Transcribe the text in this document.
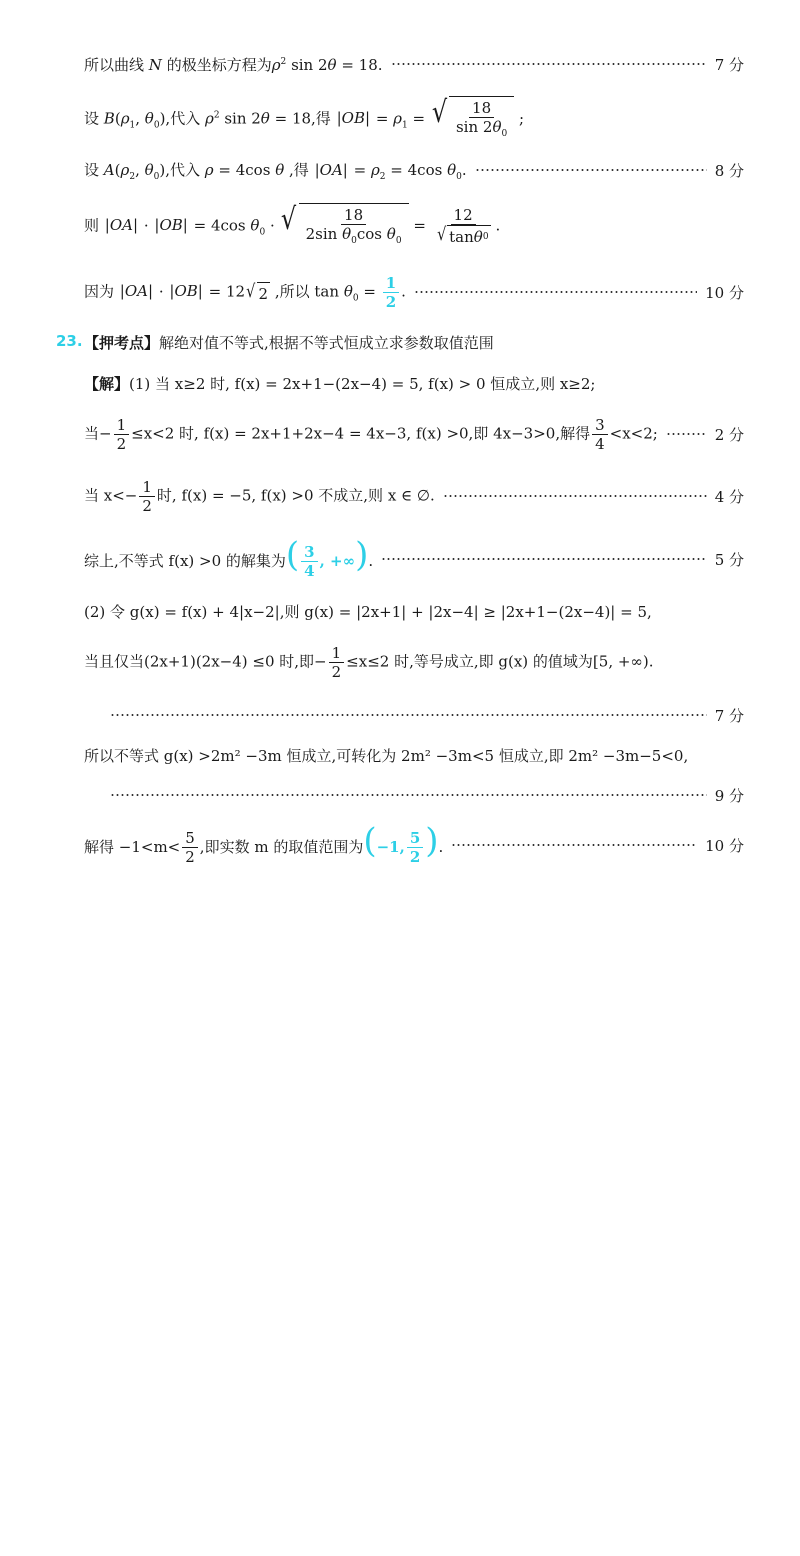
所以曲线 N 的极坐标方程为$\rho^2$ sin 2θ = 18.	7 分
设 $B(\rho_1$, $\theta_0$),代入 $\rho^2$ sin 2θ = 18,得 $|OB| = \rho_1$ = √ $\frac{18}{\sin 2\theta_0}$ ;
设 $A(\rho_2$, $\theta_0$),代入 ρ = 4cos θ ,得 $|OA| = \rho_2 = 4\cos$ $\theta_0$.	8 分
则 |OA| · |OB| = 4cos $\theta_0$ · √ $\frac{18}{2\sin \theta_0\cos \theta_0} = \frac{12}{\text{√ tan θ 0}}$ .
因为 |OA| · |OB| = 12 √ 2 ,所以 $\tan \theta_0 = \frac{1}{2}$ .	10 分
23. 【押考点】解绝对值不等式,根据不等式恒成立求参数取值范围
【解】(1) 当 x≥2 时, f(x) = 2x+1−(2x−4) = 5, f(x) > 0 恒成立,则 x≥2;
当− $\frac{1}{2} \le x<2$ 时, f(x) = 2x+1+2x−4 = 4x−3, f(x) >0,即 4x−3>0,解得 $\frac{3}{4} <x<2$;	2 分
当 $x<- \frac{1}{2}$ 时, f(x) = −5, f(x) >0 不成立,则 x ∈ ∅.	4 分
综上,不等式 f(x) >0 的解集为( $\frac{3}{4}$ , +∞).	5 分
(2) 令 g(x) = f(x) + 4|x−2|,则 g(x) = |2x+1| + |2x−4| ≥ |2x+1−(2x−4)| = 5,
当且仅当(2x+1)(2x−4) ≤0 时,即− $\frac{1}{2} \le x\le 2$ 时,等号成立,即 g(x) 的值域为[5, +∞).
7 分
所以不等式 g(x) >2m² −3m 恒成立,可转化为 2m² −3m<5 恒成立,即 2m² −3m−5<0,
9 分
解得 $-1<m< \frac{5}{2}$ ,即实数 m 的取值范围为(−1, $\frac{5}{2}$ ).	10 分
